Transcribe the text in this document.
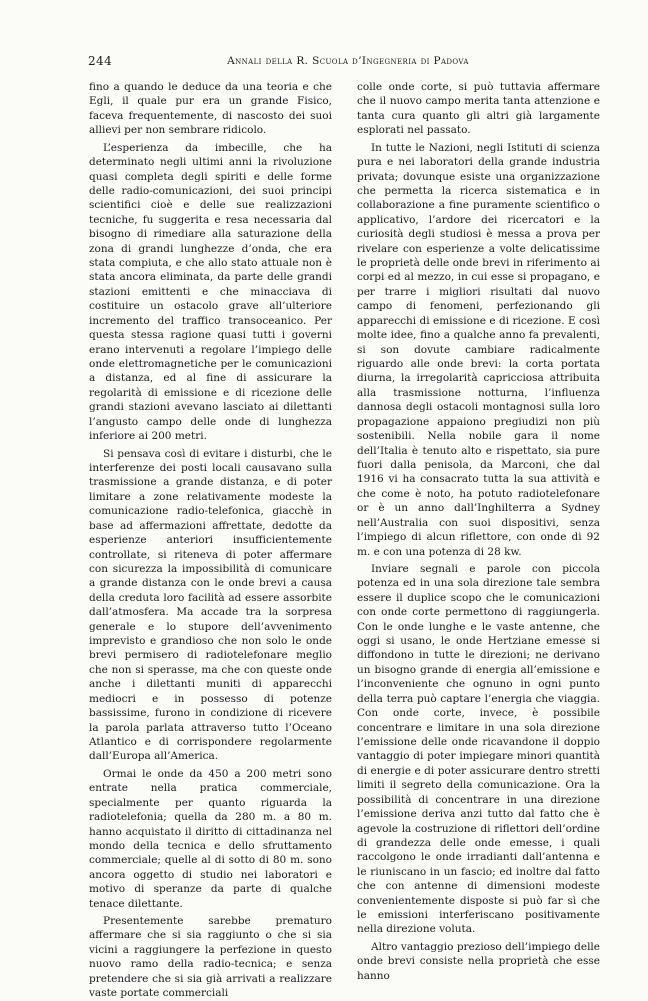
244	Annali della R. Scuola d’Ingegneria di Padova

fino a quando le deduce da una teoria e che Egli, il quale pur era un grande Fisico, faceva frequentemente, di nascosto dei suoi allievi per non sembrare ridicolo.

L’esperienza da imbecille, che ha determinato negli ultimi anni la rivoluzione quasi completa degli spiriti e delle forme delle radio-comunicazioni, dei suoi principi scientifici cioè e delle sue realizzazioni tecniche, fu suggerita e resa necessaria dal bisogno di rimediare alla saturazione della zona di grandi lunghezze d’onda, che era stata compiuta, e che allo stato attuale non è stata ancora eliminata, da parte delle grandi stazioni emittenti e che minacciava di costituire un ostacolo grave all’ulteriore incremento del traffico transoceanico. Per questa stessa ragione quasi tutti i governi erano intervenuti a regolare l’impiego delle onde elettromagnetiche per le comunicazioni a distanza, ed al fine di assicurare la regolarità di emissione e di ricezione delle grandi stazioni avevano lasciato ai dilettanti l’angusto campo delle onde di lunghezza inferiore ai 200 metri.

Si pensava così di evitare i disturbi, che le interferenze dei posti locali causavano sulla trasmissione a grande distanza, e di poter limitare a zone relativamente modeste la comunicazione radio-telefonica, giacchè in base ad affermazioni affrettate, dedotte da esperienze anteriori insufficientemente controllate, si riteneva di poter affermare con sicurezza la impossibilità di comunicare a grande distanza con le onde brevi a causa della creduta loro facilità ad essere assorbite dall’atmosfera. Ma accade tra la sorpresa generale e lo stupore dell’avvenimento imprevisto e grandioso che non solo le onde brevi permisero di radiotelefonare meglio che non si sperasse, ma che con queste onde anche i dilettanti muniti di apparecchi mediocri e in possesso di potenze bassissime, furono in condizione di ricevere la parola parlata attraverso tutto l’Oceano Atlantico e di corrispondere regolarmente dall’Europa all’America.

Ormai le onde da 450 a 200 metri sono entrate nella pratica commerciale, specialmente per quanto riguarda la radiotelefonia; quella da 280 m. a 80 m. hanno acquistato il diritto di cittadinanza nel mondo della tecnica e dello sfruttamento commerciale; quelle al di sotto di 80 m. sono ancora oggetto di studio nei laboratori e motivo di speranze da parte di qualche tenace dilettante.

Presentemente sarebbe prematuro affermare che si sia raggiunto o che si sia vicini a raggiungere la perfezione in questo nuovo ramo della radio-tecnica; e senza pretendere che si sia già arrivati a realizzare vaste portate commerciali

colle onde corte, si può tuttavia affermare che il nuovo campo merita tanta attenzione e tanta cura quanto gli altri già largamente esplorati nel passato.

In tutte le Nazioni, negli Istituti di scienza pura e nei laboratori della grande industria privata; dovunque esiste una organizzazione che permetta la ricerca sistematica e in collaborazione a fine puramente scientifico o applicativo, l’ardore dei ricercatori e la curiosità degli studiosi è messa a prova per rivelare con esperienze a volte delicatissime le proprietà delle onde brevi in riferimento ai corpi ed al mezzo, in cui esse si propagano, e per trarre i migliori risultati dal nuovo campo di fenomeni, perfezionando gli apparecchi di emissione e di ricezione. E così molte idee, fino a qualche anno fa prevalenti, si son dovute cambiare radicalmente riguardo alle onde brevi: la corta portata diurna, la irregolarità capricciosa attribuita alla trasmissione notturna, l’influenza dannosa degli ostacoli montagnosi sulla loro propagazione appaiono pregiudizi non più sostenibili. Nella nobile gara il nome dell’Italia è tenuto alto e rispettato, sia pure fuori dalla penisola, da Marconi, che dal 1916 vi ha consacrato tutta la sua attività e che come è noto, ha potuto radiotelefonare or è un anno dall’Inghilterra a Sydney nell’Australia con suoi dispositivi, senza l’impiego di alcun riflettore, con onde di 92 m. e con una potenza di 28 kw.

Inviare segnali e parole con piccola potenza ed in una sola direzione tale sembra essere il duplice scopo che le comunicazioni con onde corte permettono di raggiungerla. Con le onde lunghe e le vaste antenne, che oggi si usano, le onde Hertziane emesse si diffondono in tutte le direzioni; ne derivano un bisogno grande di energia all’emissione e l’inconveniente che ognuno in ogni punto della terra può captare l’energia che viaggia. Con onde corte, invece, è possibile concentrare e limitare in una sola direzione l’emissione delle onde ricavandone il doppio vantaggio di poter impiegare minori quantità di energie e di poter assicurare dentro stretti limiti il segreto della comunicazione. Ora la possibilità di concentrare in una direzione l’emissione deriva anzi tutto dal fatto che è agevole la costruzione di riflettori dell’ordine di grandezza delle onde emesse, i quali raccolgono le onde irradianti dall’antenna e le riuniscano in un fascio; ed inoltre dal fatto che con antenne di dimensioni modeste convenientemente disposte si può far sì che le emissioni interferiscano positivamente nella direzione voluta.

Altro vantaggio prezioso dell’impiego delle onde brevi consiste nella proprietà che esse hanno
